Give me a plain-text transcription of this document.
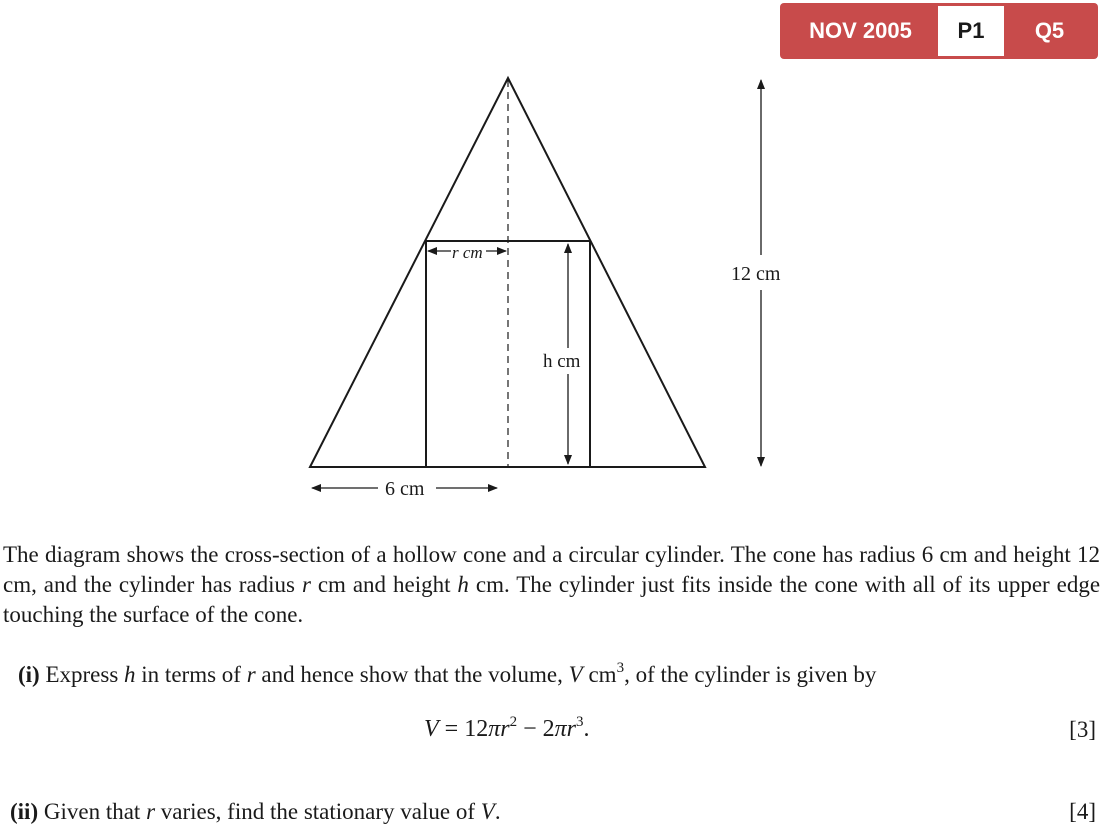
NOV 2005	P1	Q5
r cm
h cm
12 cm
6 cm

The diagram shows the cross-section of a hollow cone and a circular cylinder. The cone has radius 6 cm and height 12 cm, and the cylinder has radius r cm and height h cm. The cylinder just fits inside the cone with all of its upper edge touching the surface of the cone.

(i) Express h in terms of r and hence show that the volume, V $cm^3$, of the cylinder is given by
$V = 12\pi r^2 - 2\pi r^3$.	[3]
(ii) Given that r varies, find the stationary value of V.	[4]
